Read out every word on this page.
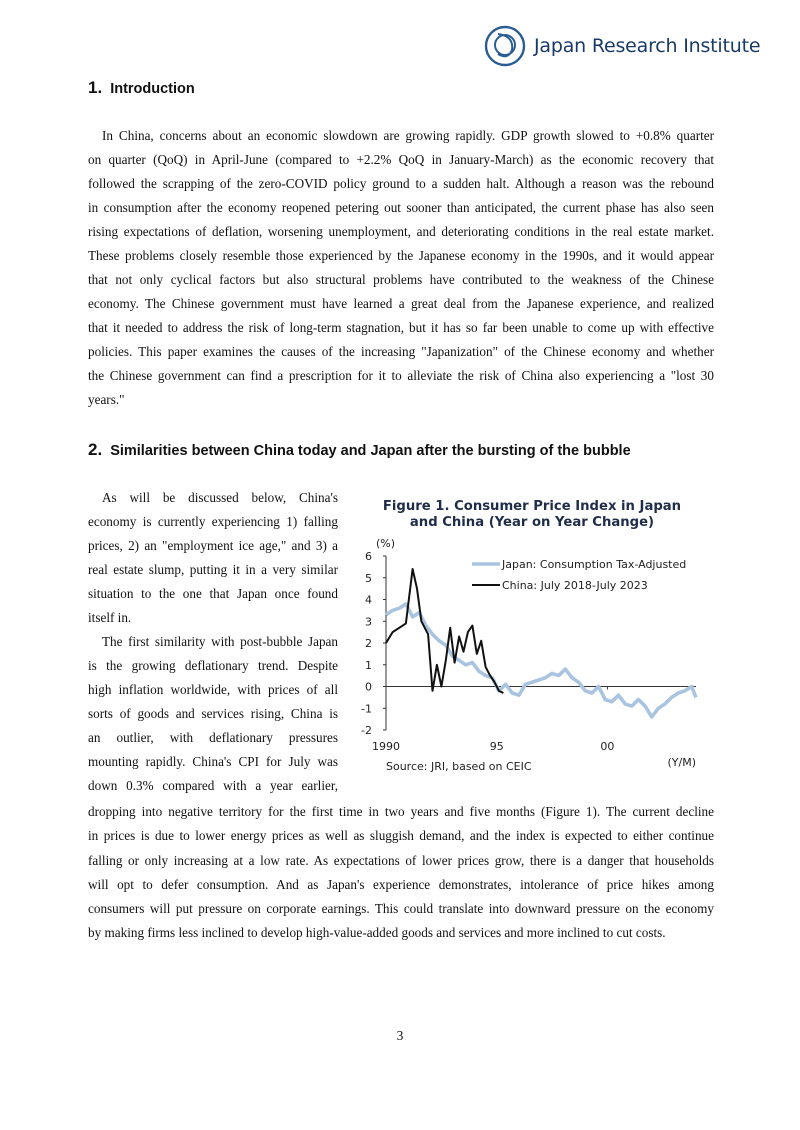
Japan Research Institute
1. Introduction
In China, concerns about an economic slowdown are growing rapidly. GDP growth slowed to +0.8% quarter
on quarter (QoQ) in April-June (compared to +2.2% QoQ in January-March) as the economic recovery that
followed the scrapping of the zero-COVID policy ground to a sudden halt. Although a reason was the rebound
in consumption after the economy reopened petering out sooner than anticipated, the current phase has also seen
rising expectations of deflation, worsening unemployment, and deteriorating conditions in the real estate market.
These problems closely resemble those experienced by the Japanese economy in the 1990s, and it would appear
that not only cyclical factors but also structural problems have contributed to the weakness of the Chinese
economy. The Chinese government must have learned a great deal from the Japanese experience, and realized
that it needed to address the risk of long-term stagnation, but it has so far been unable to come up with effective
policies. This paper examines the causes of the increasing "Japanization" of the Chinese economy and whether
the Chinese government can find a prescription for it to alleviate the risk of China also experiencing a "lost 30
years."
2. Similarities between China today and Japan after the bursting of the bubble
As will be discussed below, China's
economy is currently experiencing 1) falling
prices, 2) an "employment ice age," and 3) a
real estate slump, putting it in a very similar
situation to the one that Japan once found
itself in.
The first similarity with post-bubble Japan
is the growing deflationary trend. Despite
high inflation worldwide, with prices of all
sorts of goods and services rising, China is
an outlier, with deflationary pressures
mounting rapidly. China's CPI for July was
down 0.3% compared with a year earlier,
Figure 1. Consumer Price Index in Japan
and China (Year on Year Change)
6
5
4
3
2
1
0
-1
-2
(%)
1990	95	00
(Y/M)
Source: JRI, based on CEIC
Japan: Consumption Tax-Adjusted
China: July 2018-July 2023
dropping into negative territory for the first time in two years and five months (Figure 1). The current decline
in prices is due to lower energy prices as well as sluggish demand, and the index is expected to either continue
falling or only increasing at a low rate. As expectations of lower prices grow, there is a danger that households
will opt to defer consumption. And as Japan's experience demonstrates, intolerance of price hikes among
consumers will put pressure on corporate earnings. This could translate into downward pressure on the economy
by making firms less inclined to develop high-value-added goods and services and more inclined to cut costs.
3
